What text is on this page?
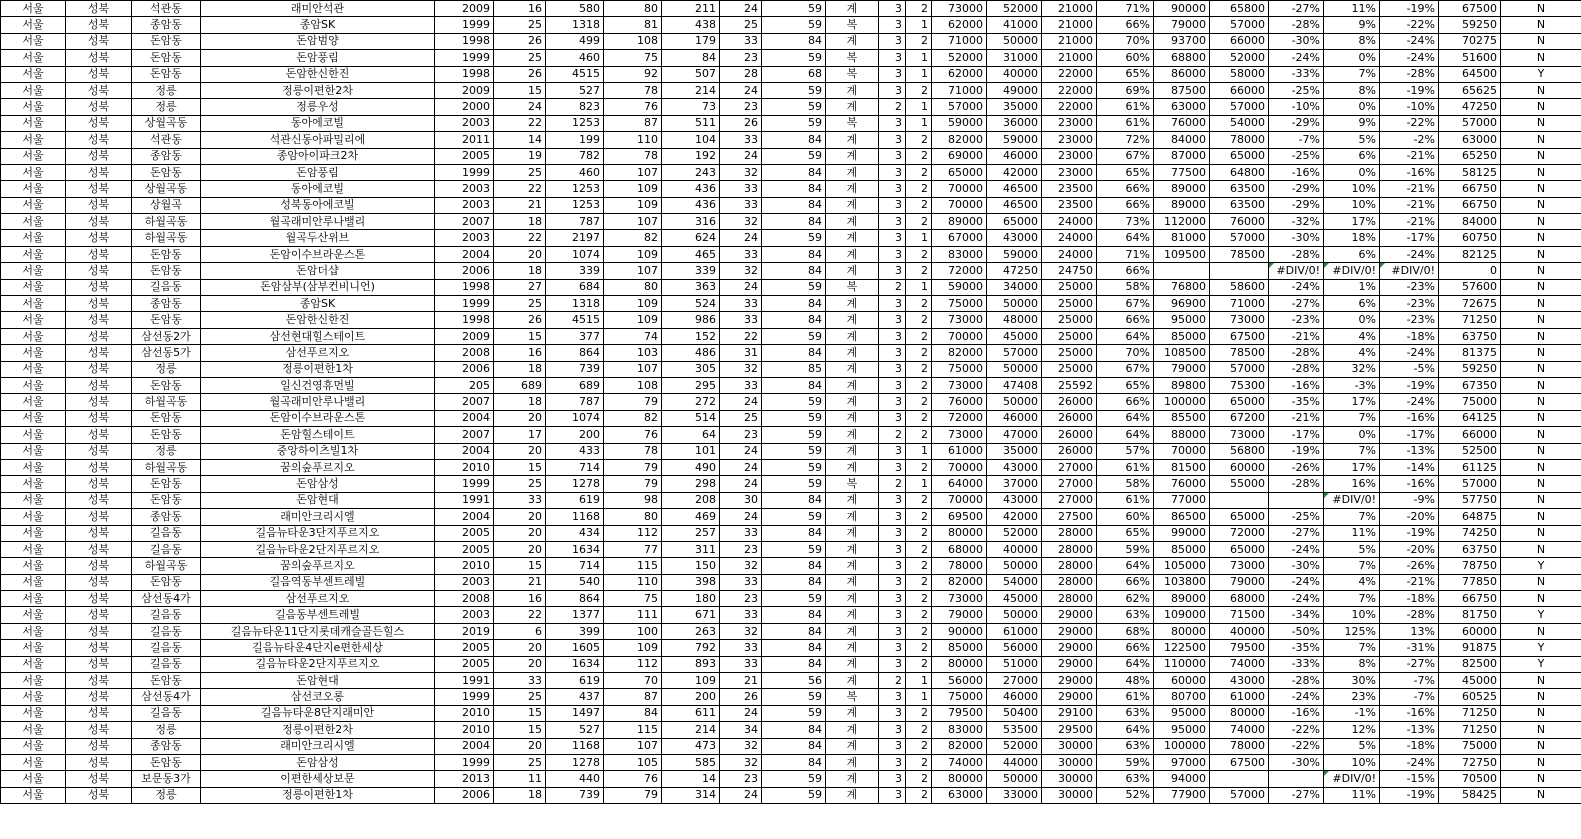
서울	성북	석관동	래미안석관	2009	16	580	80	211	24	59	계	3	2	73000	52000	21000	71%	90000	65800	-27%	11%	-19%	67500	N
서울	성북	종암동	종암SK	1999	25	1318	81	438	25	59	복	3	1	62000	41000	21000	66%	79000	57000	-28%	9%	-22%	59250	N
서울	성북	돈암동	돈암범양	1998	26	499	108	179	33	84	계	3	2	71000	50000	21000	70%	93700	66000	-30%	8%	-24%	70275	N
서울	성북	돈암동	돈암풍림	1999	25	460	75	84	23	59	복	3	1	52000	31000	21000	60%	68800	52000	-24%	0%	-24%	51600	N
서울	성북	돈암동	돈암한신한진	1998	26	4515	92	507	28	68	복	3	1	62000	40000	22000	65%	86000	58000	-33%	7%	-28%	64500	Y
서울	성북	정릉	정릉이편한2차	2009	15	527	78	214	24	59	계	3	2	71000	49000	22000	69%	87500	66000	-25%	8%	-19%	65625	N
서울	성북	정릉	정릉우성	2000	24	823	76	73	23	59	계	2	1	57000	35000	22000	61%	63000	57000	-10%	0%	-10%	47250	N
서울	성북	상월곡동	동아에코빌	2003	22	1253	87	511	26	59	복	3	1	59000	36000	23000	61%	76000	54000	-29%	9%	-22%	57000	N
서울	성북	석관동	석관신동아파밀리에	2011	14	199	110	104	33	84	계	3	2	82000	59000	23000	72%	84000	78000	-7%	5%	-2%	63000	N
서울	성북	종암동	종암아이파크2차	2005	19	782	78	192	24	59	계	3	2	69000	46000	23000	67%	87000	65000	-25%	6%	-21%	65250	N
서울	성북	돈암동	돈암풍림	1999	25	460	107	243	32	84	계	3	2	65000	42000	23000	65%	77500	64800	-16%	0%	-16%	58125	N
서울	성북	상월곡동	동아에코빌	2003	22	1253	109	436	33	84	계	3	2	70000	46500	23500	66%	89000	63500	-29%	10%	-21%	66750	N
서울	성북	상월곡	성북동아에코빌	2003	21	1253	109	436	33	84	계	3	2	70000	46500	23500	66%	89000	63500	-29%	10%	-21%	66750	N
서울	성북	하월곡동	월곡래미안루나밸리	2007	18	787	107	316	32	84	계	3	2	89000	65000	24000	73%	112000	76000	-32%	17%	-21%	84000	N
서울	성북	하월곡동	월곡두산위브	2003	22	2197	82	624	24	59	계	3	1	67000	43000	24000	64%	81000	57000	-30%	18%	-17%	60750	N
서울	성북	돈암동	돈암이수브라운스톤	2004	20	1074	109	465	33	84	계	3	2	83000	59000	24000	71%	109500	78500	-28%	6%	-24%	82125	N
서울	성북	돈암동	돈암더샵	2006	18	339	107	339	32	84	계	3	2	72000	47250	24750	66%			#DIV/0!	#DIV/0!	#DIV/0!	0	N
서울	성북	길음동	돈암삼부(삼부컨비니언)	1998	27	684	80	363	24	59	복	2	1	59000	34000	25000	58%	76800	58600	-24%	1%	-23%	57600	N
서울	성북	종암동	종암SK	1999	25	1318	109	524	33	84	계	3	2	75000	50000	25000	67%	96900	71000	-27%	6%	-23%	72675	N
서울	성북	돈암동	돈암한신한진	1998	26	4515	109	986	33	84	계	3	2	73000	48000	25000	66%	95000	73000	-23%	0%	-23%	71250	N
서울	성북	삼선동2가	삼선현대힐스테이트	2009	15	377	74	152	22	59	계	3	2	70000	45000	25000	64%	85000	67500	-21%	4%	-18%	63750	N
서울	성북	삼선동5가	삼선푸르지오	2008	16	864	103	486	31	84	계	3	2	82000	57000	25000	70%	108500	78500	-28%	4%	-24%	81375	N
서울	성북	정릉	정릉이편한1차	2006	18	739	107	305	32	85	계	3	2	75000	50000	25000	67%	79000	57000	-28%	32%	-5%	59250	N
서울	성북	돈암동	일신건영휴먼빌	205	689	689	108	295	33	84	계	3	2	73000	47408	25592	65%	89800	75300	-16%	-3%	-19%	67350	N
서울	성북	하월곡동	월곡래미안루나밸리	2007	18	787	79	272	24	59	계	3	2	76000	50000	26000	66%	100000	65000	-35%	17%	-24%	75000	N
서울	성북	돈암동	돈암이수브라운스톤	2004	20	1074	82	514	25	59	계	3	2	72000	46000	26000	64%	85500	67200	-21%	7%	-16%	64125	N
서울	성북	돈암동	돈암힐스테이트	2007	17	200	76	64	23	59	계	2	2	73000	47000	26000	64%	88000	73000	-17%	0%	-17%	66000	N
서울	성북	정릉	중앙하이츠빌1차	2004	20	433	78	101	24	59	계	3	1	61000	35000	26000	57%	70000	56800	-19%	7%	-13%	52500	N
서울	성북	하월곡동	꿈의숲푸르지오	2010	15	714	79	490	24	59	계	3	2	70000	43000	27000	61%	81500	60000	-26%	17%	-14%	61125	N
서울	성북	돈암동	돈암삼성	1999	25	1278	79	298	24	59	복	2	1	64000	37000	27000	58%	76000	55000	-28%	16%	-16%	57000	N
서울	성북	돈암동	돈암현대	1991	33	619	98	208	30	84	계	3	2	70000	43000	27000	61%	77000			#DIV/0!	-9%	57750	N
서울	성북	종암동	래미안크리시엘	2004	20	1168	80	469	24	59	계	3	2	69500	42000	27500	60%	86500	65000	-25%	7%	-20%	64875	N
서울	성북	길음동	길음뉴타운3단지푸르지오	2005	20	434	112	257	33	84	계	3	2	80000	52000	28000	65%	99000	72000	-27%	11%	-19%	74250	N
서울	성북	길음동	길음뉴타운2단지푸르지오	2005	20	1634	77	311	23	59	계	3	2	68000	40000	28000	59%	85000	65000	-24%	5%	-20%	63750	N
서울	성북	하월곡동	꿈의숲푸르지오	2010	15	714	115	150	32	84	계	3	2	78000	50000	28000	64%	105000	73000	-30%	7%	-26%	78750	Y
서울	성북	돈암동	길음역동부센트레빌	2003	21	540	110	398	33	84	계	3	2	82000	54000	28000	66%	103800	79000	-24%	4%	-21%	77850	N
서울	성북	삼선동4가	삼선푸르지오	2008	16	864	75	180	23	59	계	3	2	73000	45000	28000	62%	89000	68000	-24%	7%	-18%	66750	N
서울	성북	길음동	길음동부센트레빌	2003	22	1377	111	671	33	84	계	3	2	79000	50000	29000	63%	109000	71500	-34%	10%	-28%	81750	Y
서울	성북	길음동	길음뉴타운11단지롯데캐슬골든힐스	2019	6	399	100	263	32	84	계	3	2	90000	61000	29000	68%	80000	40000	-50%	125%	13%	60000	N
서울	성북	길음동	길음뉴타운4단지e편한세상	2005	20	1605	109	792	33	84	계	3	2	85000	56000	29000	66%	122500	79500	-35%	7%	-31%	91875	Y
서울	성북	길음동	길음뉴타운2단지푸르지오	2005	20	1634	112	893	33	84	계	3	2	80000	51000	29000	64%	110000	74000	-33%	8%	-27%	82500	Y
서울	성북	돈암동	돈암현대	1991	33	619	70	109	21	56	계	2	1	56000	27000	29000	48%	60000	43000	-28%	30%	-7%	45000	N
서울	성북	삼선동4가	삼선코오롱	1999	25	437	87	200	26	59	복	3	1	75000	46000	29000	61%	80700	61000	-24%	23%	-7%	60525	N
서울	성북	길음동	길음뉴타운8단지래미안	2010	15	1497	84	611	24	59	계	3	2	79500	50400	29100	63%	95000	80000	-16%	-1%	-16%	71250	N
서울	성북	정릉	정릉이편한2차	2010	15	527	115	214	34	84	계	3	2	83000	53500	29500	64%	95000	74000	-22%	12%	-13%	71250	N
서울	성북	종암동	래미안크리시엘	2004	20	1168	107	473	32	84	계	3	2	82000	52000	30000	63%	100000	78000	-22%	5%	-18%	75000	N
서울	성북	돈암동	돈암삼성	1999	25	1278	105	585	32	84	계	3	2	74000	44000	30000	59%	97000	67500	-30%	10%	-24%	72750	N
서울	성북	보문동3가	이편한세상보문	2013	11	440	76	14	23	59	계	3	2	80000	50000	30000	63%	94000			#DIV/0!	-15%	70500	N
서울	성북	정릉	정릉이편한1차	2006	18	739	79	314	24	59	계	3	2	63000	33000	30000	52%	77900	57000	-27%	11%	-19%	58425	N
